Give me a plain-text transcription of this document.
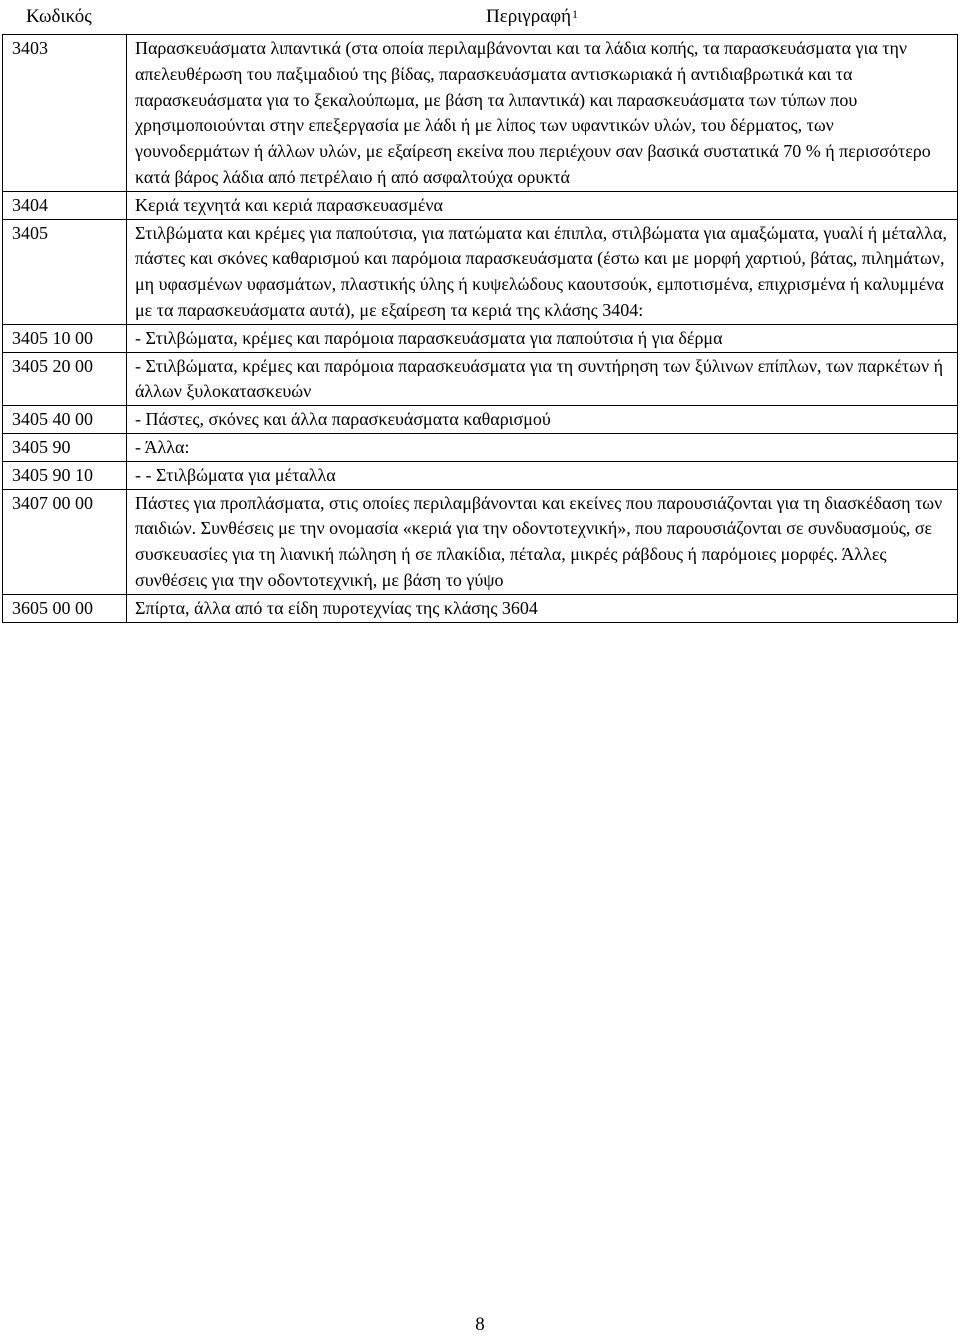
Κωδικός	Περιγραφή$^1$
3403	Παρασκευάσματα λιπαντικά (στα οποία περιλαμβάνονται και τα λάδια κοπής, τα παρασκευάσματα για την απελευθέρωση του παξιμαδιού της βίδας, παρασκευάσματα αντισκωριακά ή αντιδιαβρωτικά και τα παρασκευάσματα για το ξεκαλούπωμα, με βάση τα λιπαντικά) και παρασκευάσματα των τύπων που χρησιμοποιούνται στην επεξεργασία με λάδι ή με λίπος των υφαντικών υλών, του δέρματος, των γουνοδερμάτων ή άλλων υλών, με εξαίρεση εκείνα που περιέχουν σαν βασικά συστατικά 70 % ή περισσότερο κατά βάρος λάδια από πετρέλαιο ή από ασφαλτούχα ορυκτά
3404	Κεριά τεχνητά και κεριά παρασκευασμένα
3405	Στιλβώματα και κρέμες για παπούτσια, για πατώματα και έπιπλα, στιλβώματα για αμαξώματα, γυαλί ή μέταλλα, πάστες και σκόνες καθαρισμού και παρόμοια παρασκευάσματα (έστω και με μορφή χαρτιού, βάτας, πιλημάτων, μη υφασμένων υφασμάτων, πλαστικής ύλης ή κυψελώδους καουτσούκ, εμποτισμένα, επιχρισμένα ή καλυμμένα με τα παρασκευάσματα αυτά), με εξαίρεση τα κεριά της κλάσης 3404:
3405 10 00	- Στιλβώματα, κρέμες και παρόμοια παρασκευάσματα για παπούτσια ή για δέρμα
3405 20 00	- Στιλβώματα, κρέμες και παρόμοια παρασκευάσματα για τη συντήρηση των ξύλινων επίπλων, των παρκέτων ή άλλων ξυλοκατασκευών
3405 40 00	- Πάστες, σκόνες και άλλα παρασκευάσματα καθαρισμού
3405 90	- Άλλα:
3405 90 10	- - Στιλβώματα για μέταλλα
3407 00 00	Πάστες για προπλάσματα, στις οποίες περιλαμβάνονται και εκείνες που παρουσιάζονται για τη διασκέδαση των παιδιών. Συνθέσεις με την ονομασία «κεριά για την οδοντοτεχνική», που παρουσιάζονται σε συνδυασμούς, σε συσκευασίες για τη λιανική πώληση ή σε πλακίδια, πέταλα, μικρές ράβδους ή παρόμοιες μορφές. Άλλες συνθέσεις για την οδοντοτεχνική, με βάση το γύψο
3605 00 00	Σπίρτα, άλλα από τα είδη πυροτεχνίας της κλάσης 3604
8
